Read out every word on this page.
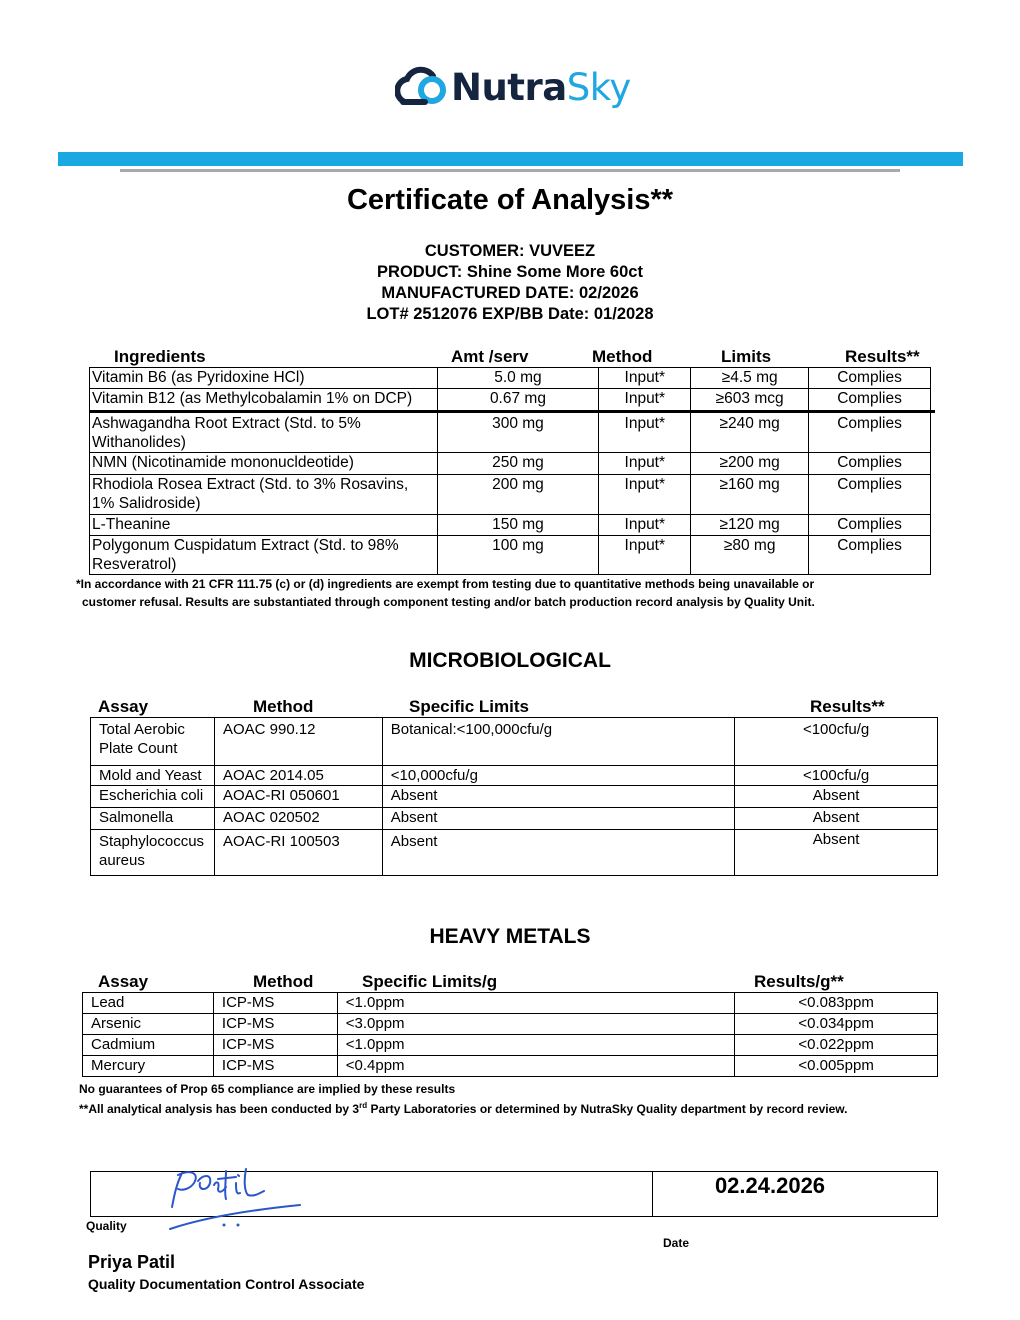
NutraSky
Certificate of Analysis**
CUSTOMER: VUVEEZ
PRODUCT: Shine Some More 60ct
MANUFACTURED DATE: 02/2026
LOT# 2512076 EXP/BB Date: 01/2028
Ingredients	Amt /serv	Method	Limits	Results**
Vitamin B6 (as Pyridoxine HCl)	5.0 mg	Input*	≥4.5 mg	Complies
Vitamin B12 (as Methylcobalamin 1% on DCP)	0.67 mg	Input*	≥603 mcg	Complies
Ashwagandha Root Extract (Std. to 5% Withanolides)	300 mg	Input*	≥240 mg	Complies
NMN (Nicotinamide mononucldeotide)	250 mg	Input*	≥200 mg	Complies
Rhodiola Rosea Extract (Std. to 3% Rosavins, 1% Salidroside)	200 mg	Input*	≥160 mg	Complies
L-Theanine	150 mg	Input*	≥120 mg	Complies
Polygonum Cuspidatum Extract (Std. to 98% Resveratrol)	100 mg	Input*	≥80 mg	Complies
*In accordance with 21 CFR 111.75 (c) or (d) ingredients are exempt from testing due to quantitative methods being unavailable or
customer refusal. Results are substantiated through component testing and/or batch production record analysis by Quality Unit.
MICROBIOLOGICAL
Assay	Method	Specific Limits	Results**
Total Aerobic Plate Count	AOAC 990.12	Botanical:<100,000cfu/g	<100cfu/g
Mold and Yeast	AOAC 2014.05	<10,000cfu/g	<100cfu/g
Escherichia coli	AOAC-RI 050601	Absent	Absent
Salmonella	AOAC 020502	Absent	Absent
Staphylococcus aureus	AOAC-RI 100503	Absent	Absent
HEAVY METALS
Assay	Method	Specific Limits/g	Results/g**
Lead	ICP-MS	<1.0ppm	<0.083ppm
Arsenic	ICP-MS	<3.0ppm	<0.034ppm
Cadmium	ICP-MS	<1.0ppm	<0.022ppm
Mercury	ICP-MS	<0.4ppm	<0.005ppm
No guarantees of Prop 65 compliance are implied by these results
**All analytical analysis has been conducted by 3rd Party Laboratories or determined by NutraSky Quality department by record review.
02.24.2026
Quality
Date
Priya Patil
Quality Documentation Control Associate
